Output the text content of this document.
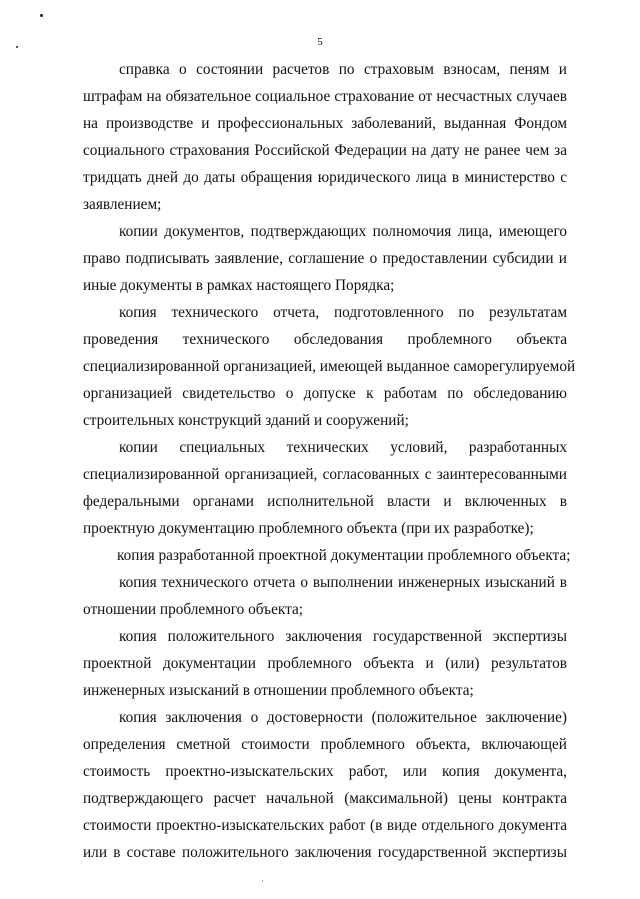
5
справка о состоянии расчетов по страховым взносам, пеням и
штрафам на обязательное социальное страхование от несчастных случаев
на производстве и профессиональных заболеваний, выданная Фондом
социального страхования Российской Федерации на дату не ранее чем за
тридцать дней до даты обращения юридического лица в министерство с
заявлением;
копии документов, подтверждающих полномочия лица, имеющего
право подписывать заявление, соглашение о предоставлении субсидии и
иные документы в рамках настоящего Порядка;
копия технического отчета, подготовленного по результатам
проведения технического обследования проблемного объекта
специализированной организацией, имеющей выданное саморегулируемой
организацией свидетельство о допуске к работам по обследованию
строительных конструкций зданий и сооружений;
копии специальных технических условий, разработанных
специализированной организацией, согласованных с заинтересованными
федеральными органами исполнительной власти и включенных в
проектную документацию проблемного объекта (при их разработке);
копия разработанной проектной документации проблемного объекта;
копия технического отчета о выполнении инженерных изысканий в
отношении проблемного объекта;
копия положительного заключения государственной экспертизы
проектной документации проблемного объекта и (или) результатов
инженерных изысканий в отношении проблемного объекта;
копия заключения о достоверности (положительное заключение)
определения сметной стоимости проблемного объекта, включающей
стоимость проектно-изыскательских работ, или копия документа,
подтверждающего расчет начальной (максимальной) цены контракта
стоимости проектно-изыскательских работ (в виде отдельного документа
или в составе положительного заключения государственной экспертизы
